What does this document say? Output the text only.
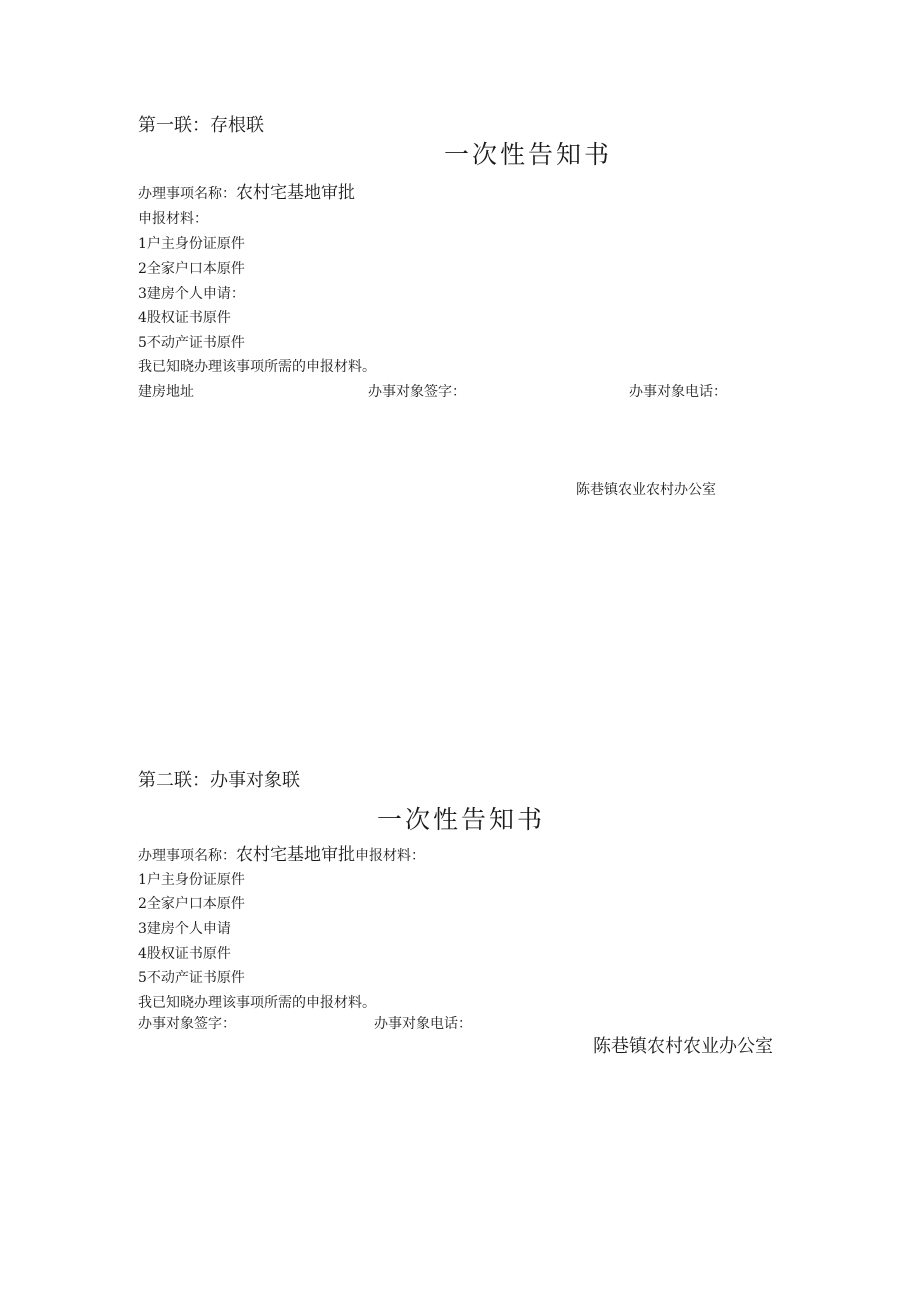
第一联：存根联
一次性告知书
办理事项名称：农村宅基地审批
申报材料：
1户主身份证原件
2全家户口本原件
3建房个人申请：
4股权证书原件
5不动产证书原件
我已知晓办理该事项所需的申报材料。
建房地址	办事对象签字：	办事对象电话：
陈巷镇农业农村办公室
第二联：办事对象联
一次性告知书
办理事项名称：农村宅基地审批申报材料：
1户主身份证原件
2全家户口本原件
3建房个人申请
4股权证书原件
5不动产证书原件
我已知晓办理该事项所需的申报材料。
办事对象签字：	办事对象电话：
陈巷镇农村农业办公室
